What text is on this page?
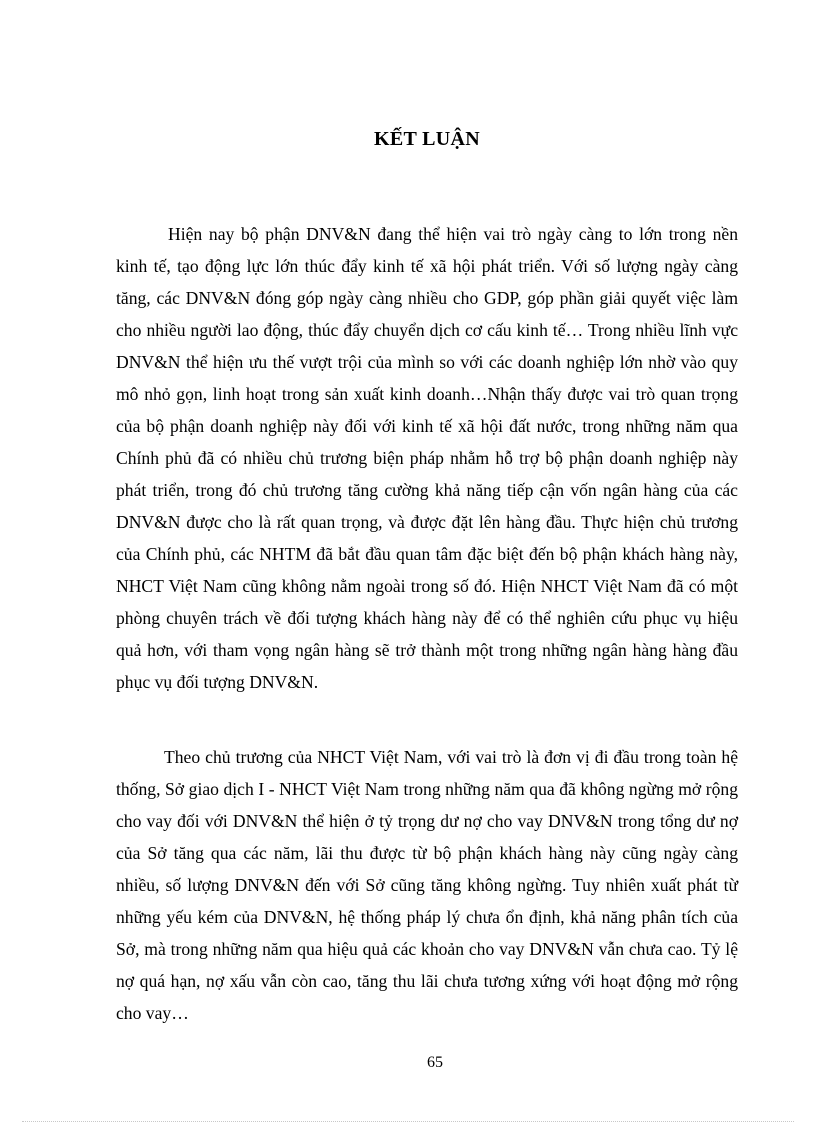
KẾT LUẬN

Hiện nay bộ phận DNV&N đang thể hiện vai trò ngày càng to lớn trong nền kinh tế, tạo động lực lớn thúc đẩy kinh tế xã hội phát triển. Với số lượng ngày càng tăng, các DNV&N đóng góp ngày càng nhiều cho GDP, góp phần giải quyết việc làm cho nhiều người lao động, thúc đẩy chuyển dịch cơ cấu kinh tế… Trong nhiều lĩnh vực DNV&N thể hiện ưu thế vượt trội của mình so với các doanh nghiệp lớn nhờ vào quy mô nhỏ gọn, linh hoạt trong sản xuất kinh doanh…Nhận thấy được vai trò quan trọng của bộ phận doanh nghiệp này đối với kinh tế xã hội đất nước, trong những năm qua Chính phủ đã có nhiều chủ trương biện pháp nhằm hỗ trợ bộ phận doanh nghiệp này phát triển, trong đó chủ trương tăng cường khả năng tiếp cận vốn ngân hàng của các DNV&N được cho là rất quan trọng, và được đặt lên hàng đầu. Thực hiện chủ trương của Chính phủ, các NHTM đã bắt đầu quan tâm đặc biệt đến bộ phận khách hàng này, NHCT Việt Nam cũng không nằm ngoài trong số đó. Hiện NHCT Việt Nam đã có một phòng chuyên trách về đối tượng khách hàng này để có thể nghiên cứu phục vụ hiệu quả hơn, với tham vọng ngân hàng sẽ trở thành một trong những ngân hàng hàng đầu phục vụ đối tượng DNV&N.

Theo chủ trương của NHCT Việt Nam, với vai trò là đơn vị đi đầu trong toàn hệ thống, Sở giao dịch I - NHCT Việt Nam trong những năm qua đã không ngừng mở rộng cho vay đối với DNV&N thể hiện ở tỷ trọng dư nợ cho vay DNV&N trong tổng dư nợ của Sở tăng qua các năm, lãi thu được từ bộ phận khách hàng này cũng ngày càng nhiều, số lượng DNV&N đến với Sở cũng tăng không ngừng. Tuy nhiên xuất phát từ những yếu kém của DNV&N, hệ thống pháp lý chưa ổn định, khả năng phân tích của Sở, mà trong những năm qua hiệu quả các khoản cho vay DNV&N vẫn chưa cao. Tỷ lệ nợ quá hạn, nợ xấu vẫn còn cao, tăng thu lãi chưa tương xứng với hoạt động mở rộng cho vay…

65
